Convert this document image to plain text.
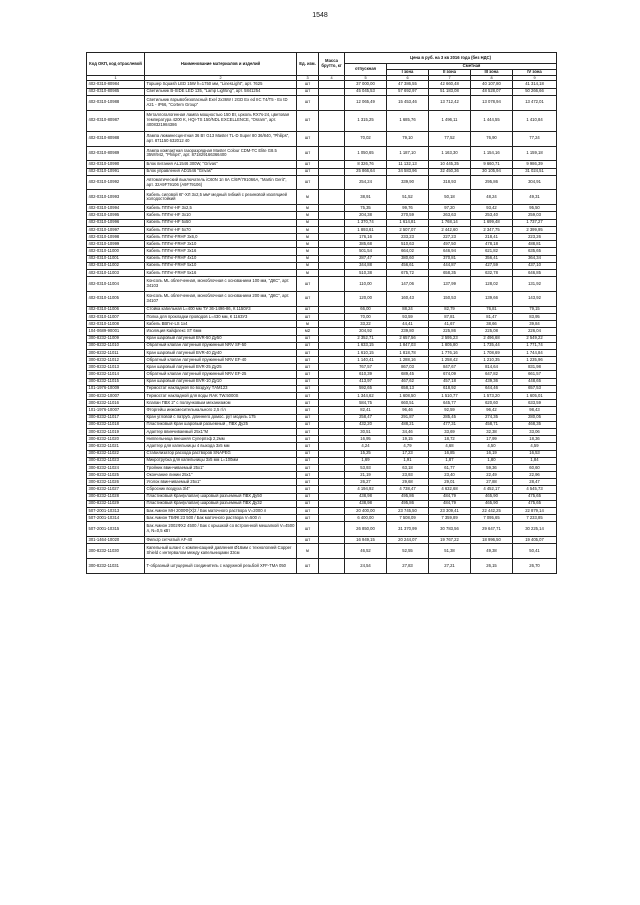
1548
Код ОКП, код отраслевой	Наименование материалов и изделий	Ед. изм.	Масса брутто, кг	Цена в руб. на 3 кв 2016 года (без НДС)				
				отпускная	Сметная			
					I зона	II зона	III зона	IV зона
1	2	3	4	5	6	7	8	9
402-0310-80984	Торшер Squash LED 15W h=1750 мм, "LinesLight", арт. 7625	шт		37 000,00	47 386,55	42 660,48	40 107,80	41 314,18
402-0310-80985	Светильник B-SIDE LED 135, "Lamp Lighting", арт. 5841254	шт		45 045,53	57 692,97	51 183,08	48 528,07	50 266,66
402-0310-10988	Светильник взрывобезопасный Exel 2x36W I 2GD Ex ed IIC T4/T5 - Ex tD A21 - IP66, "Cortem Group"	шт		12 065,49	15 453,46	13 712,42	13 078,94	13 472,01
402-0310-80987	Металлогалогенная лампа мощностью 150 Вт, цоколь RX7s-24, цветовая температура 4200 K, HQI-TS 150/NDL EXCELLENCE, "Osram", арт. 4008321984386	шт		1 315,25	1 685,76	1 496,11	1 444,55	1 410,84
402-0310-80988	Лампа люминесцентная 36 Вт G13 Master TL-D Super 80 36/840, "Philips", арт. 871150 632012 40	шт		70,02	79,10	77,52	76,90	77,24
402-0310-80989	Лампа компактная газоразрядная Master Colour CDM-TC Elite G8.5 35W/942, "Philips", арт. 871829166366400	шт		1 050,65	1 187,10	1 163,30	1 154,16	1 159,18
402-0310-10990	Блок питания AL1546 300W, "Grivas"	шт		8 326,76	11 132,13	10 445,35	9 660,71	9 986,39
402-0310-10991	Блок управления AD1546 "Grivas"	шт		25 866,64	34 583,96	32 450,36	30 105,94	31 024,51
402-0310-10992	Автоматический выключатель iC60N 1п 6А С/6Р/791066А, "Martin Gerit", арт. 32А9F79106 (A9F79106)	шт		254,24	339,90	318,93	295,86	304,91
402-0310-10993	Кабель силовой КГ-ХЛ 3х2,5 мм² медный гибкий с резиновой изоляцией холодостойкий	м		38,91	51,52	50,18	48,24	49,31
402-0310-10994	Кабель ППГнг-HF 3х2,5	м		75,35	99,76	97,20	93,42	95,50
402-0310-10995	Кабель ППГнг-HF 3х10	м		204,38	270,59	263,63	253,40	259,03
402-0310-10996	Кабель ППГнг-HF 5х50	м		1 370,74	1 614,81	1 768,14	1 699,48	1 737,27
402-0310-10997	Кабель ППГнг-HF 5х70	м		1 893,61	2 507,07	2 442,60	2 347,75	2 399,95
402-0310-10998	Кабель ППГнг-FRHF 3х6,0	м		176,16	233,23	227,23	218,41	223,26
402-0310-10999	Кабель ППГнг-FRHF 3х10	м		385,68	510,63	497,50	478,18	488,81
402-0310-11000	Кабель ППГнг-FRHF 3х16	м		501,54	664,02	646,94	621,82	635,65
402-0310-11001	Кабель ППГнг-FRHF 4х10	м		287,47	380,60	370,81	356,41	364,34
402-0310-11002	Кабель ППГнг-FRHF 5х10	м		344,88	456,61	444,87	427,59	437,10
402-0310-11003	Кабель ППГнг-FRHF 5х16	м		510,38	675,72	658,35	632,78	646,85
402-0310-11004	Консоль ML облегченная, моноблочная с основанием 100 мм, "ДКС", арт. 34103	шт		110,00	147,06	137,99	128,02	131,92
402-0310-11005	Консоль ML облегченная, моноблочная с основанием 200 мм, "ДКС", арт. 34107	шт		120,00	160,43	150,53	139,66	143,92
402-0310-11006	Стойка кабельная L=400 мм ТУ 36-1496-86, К 1150У3	шт		66,00	88,24	82,79	76,81	79,15
402-0310-11007	Полка для прокладки проводов L=430 мм, К 1163У3	шт		70,00	93,59	87,81	81,47	83,95
402-0310-11008	Кабель ВВГнг-LS 1х4	м		33,22	44,41	41,67	38,66	39,84
104-0689-90001	Изоляция Кайфлекс ST 6мм	м2		204,92	239,80	225,86	225,08	226,04
300-8232-11009	Кран шаровый латунный BVR-50 Ду50	шт		2 352,71	2 657,56	2 595,23	2 496,68	2 549,22
300-8232-11010	Обратный клапан латунный пружинный NRV SF-50	шт		1 633,15	1 847,03	1 805,80	1 735,44	1 771,74
300-8232-11011	Кран шаровый латунный BVR-40 Ду40	шт		1 610,15	1 818,78	1 776,16	1 708,69	1 744,84
300-8232-11012	Обратный клапан латунный пружинный NRV EF-40	шт		1 140,41	1 288,16	1 258,42	1 210,35	1 235,96
300-8232-11013	Кран шаровый латунный BVR-25 Ду25	шт		767,57	867,03	847,67	814,64	831,98
300-8232-11014	Обратный клапан латунный пружинный NRV EF-25	шт		610,39	689,45	674,09	647,82	661,57
300-8232-11015	Кран шаровый латунный BVR-10 Ду10	шт		413,97	467,62	457,18	439,36	448,65
101-1976-10009	Термостат накладной по воздуху ТАМ123	шт		592,65	658,13	618,92	644,46	657,53
300-8232-10007	Термостат накладной для воды RAK TW.5000S	шт		1 344,62	1 608,50	1 510,77	1 573,20	1 605,01
300-8232-11016	Клапан ПВХ 2" с ползунковым механизмом	шт		584,75	660,51	645,77	620,60	633,59
101-1976-10007	Фторгейш инжсмесительнального 2,5 г/л	шт		82,41	96,46	92,59	96,42	98,43
300-8232-11017	Кран угловой с патруб. длиннего домос. рут модель 175	шт		258,47	291,87	285,45	274,35	280,05
300-8232-11018	Пластиковый Кран шаровый разъемный , ПВХ Ду25	шт		432,20	488,21	477,31	458,71	468,35
300-8232-11019	Адаптер ввинчиваемый 25х1"М	шт		30,51	34,46	33,69	32,38	33,06
300-8232-11020	Ниппельница внешняя Суперпэф 2,2мм	шт		16,95	19,15	18,72	17,99	18,36
300-8232-11021	Адаптер для капельницы 4 выхода 3х5 мм	шт		4,24	4,79	4,68	4,50	4,59
300-8232-11022	Стабилизатор расхода растворов SNAPEG	шт		15,25	17,23	16,85	16,19	16,53
300-8232-11023	Микротрубка для капельницы 3х5 мм L=100мм	шт		1,69	1,91	1,87	1,80	1,84
300-8232-11024	Тройник ввинчиваемый 25х1"	шт		53,93	63,18	61,77	59,36	60,60
300-8232-11025	Окончание линии 25х1"	шт		21,19	23,93	23,40	22,49	22,96
300-8232-11026	Уголок ввинчиваемый 25х1"	шт		26,27	29,68	29,01	27,88	28,47
300-8232-11027	Сбросник воздуха 3/4"	шт		4 194,92	4 738,47	4 632,68	4 452,17	4 545,73
300-8232-11028	Пластиковый Кран(клапан) шаровый разъемный ПВХ Ду50	шт		438,98	495,86	484,79	465,90	475,65
300-8232-11029	Пластиковый Кран(клапан) шаровый разъемный ПВХ Ду32	шт		438,98	495,86	484,79	465,90	475,65
507-2001-10313	Бак Амион МН 2000Ф(Х)2 / Бак маточного раствора V=2000 л	шт		20 400,00	23 745,50	23 309,41	22 442,25	22 879,14
507-2001-10314	Бак Амион ТБФК 23 500 / Бак маточного раствора V=500 л	шт		6 400,00	7 508,09	7 359,89	7 095,65	7 233,85
507-2001-10315	Бак Амион 2002ФХ2 4500 / Бак с крышкой со встроенной мешалкой V=4500 л, N=0,5 кВт	шт		26 850,00	31 370,99	30 783,56	29 647,71	30 225,14
301-1464-10020	Фильтр сетчатый AF-40	шт		16 949,15	20 244,07	19 767,22	18 996,50	19 405,07
300-8232-11030	Капельный шланг с компенсацией давления Ø16мм с технологией Copper Shield с интервалом между капельницами 33см	м		46,52	52,55	51,38	49,38	50,41
300-8232-11031	Т-образный штуцерный соединитель с наружной резьбой XFF-TMA 050	шт		24,54	27,83	27,21	26,15	26,70
